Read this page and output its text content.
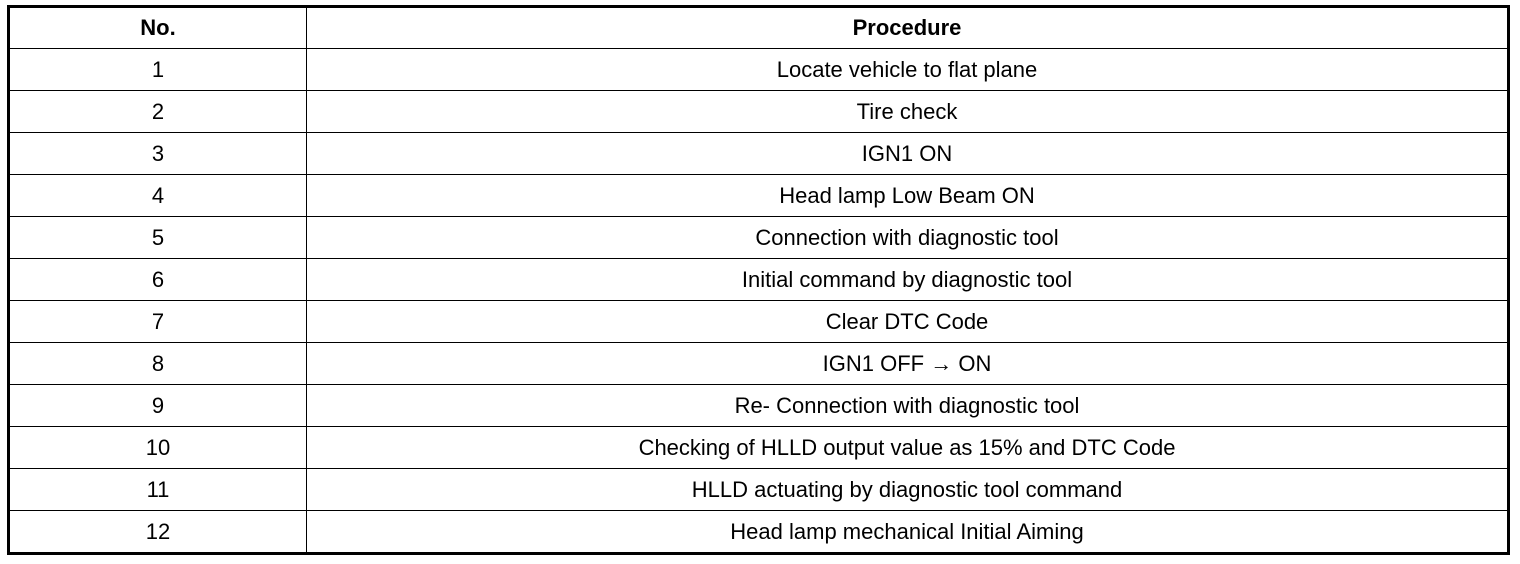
No.	Procedure
1	Locate vehicle to flat plane
2	Tire check
3	IGN1 ON
4	Head lamp Low Beam ON
5	Connection with diagnostic tool
6	Initial command by diagnostic tool
7	Clear DTC Code
8	IGN1 OFF → ON
9	Re- Connection with diagnostic tool
10	Checking of HLLD output value as 15% and DTC Code
11	HLLD actuating by diagnostic tool command
12	Head lamp mechanical Initial Aiming
